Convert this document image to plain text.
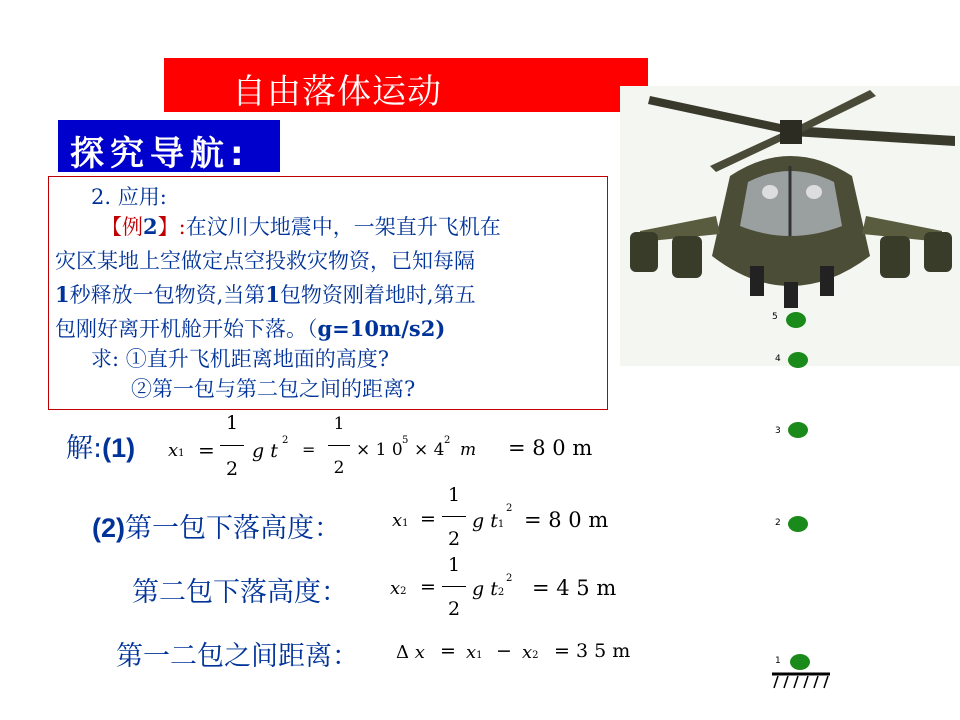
自由落体运动
探究导航:
2. 应用:
【例2】:在汶川大地震中，一架直升飞机在
灾区某地上空做定点空投救灾物资，已知每隔
1秒释放一包物资,当第1包物资刚着地时,第五
包刚好离开机舱开始下落。（g=10m/s2)
求: ①直升飞机距离地面的高度?
②第一包与第二包之间的距离?
5
4
3
2
1
解:(1) x1 =
1
2
g t 2 =
1
2
× 1 0 5 × 4 2 m = 8 0 m
(2)第一包下落高度：	x1 =
1
2
g t1
2 = 8 0 m
第二包下落高度： x2 =
1
2
g t2
2 = 4 5 m
第一二包之间距离： Δ x = x1 − x2 = 3 5 m
